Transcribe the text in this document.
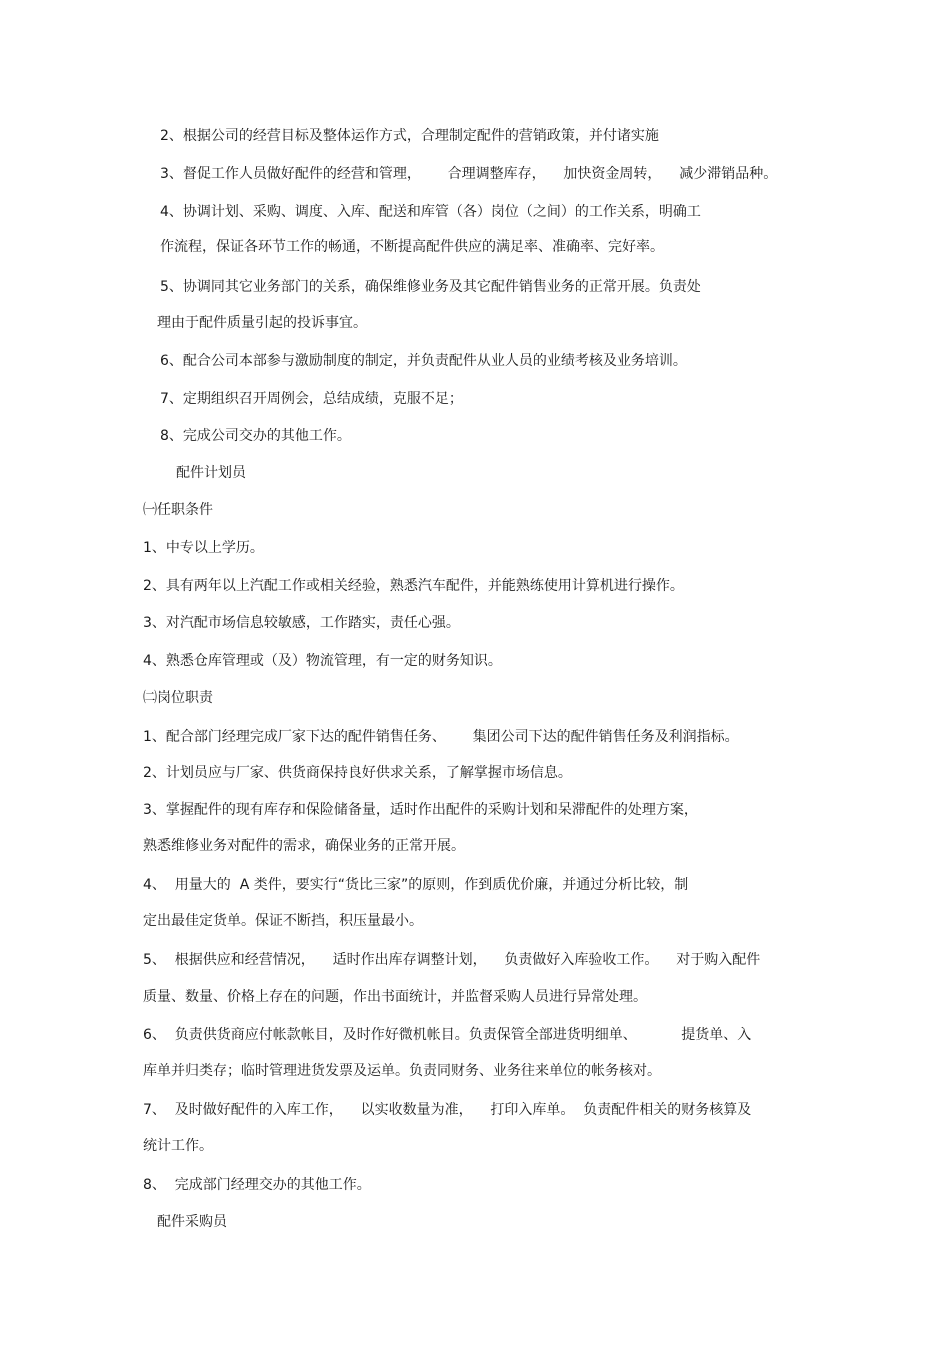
2、根据公司的经营目标及整体运作方式，合理制定配件的营销政策，并付诸实施

3、督促工作人员做好配件的经营和管理，      合理调整库存，    加快资金周转，    减少滞销品种。

4、协调计划、采购、调度、入库、配送和库管（各）岗位（之间）的工作关系，明确工

作流程，保证各环节工作的畅通，不断提高配件供应的满足率、准确率、完好率。

5、协调同其它业务部门的关系，确保维修业务及其它配件销售业务的正常开展。负责处

理由于配件质量引起的投诉事宜。

6、配合公司本部参与激励制度的制定，并负责配件从业人员的业绩考核及业务培训。

7、定期组织召开周例会，总结成绩，克服不足；

8、完成公司交办的其他工作。

配件计划员

㈠任职条件

1、中专以上学历。

2、具有两年以上汽配工作或相关经验，熟悉汽车配件，并能熟练使用计算机进行操作。

3、对汽配市场信息较敏感，工作踏实，责任心强。

4、熟悉仓库管理或（及）物流管理，有一定的财务知识。

㈡岗位职责

1、配合部门经理完成厂家下达的配件销售任务、      集团公司下达的配件销售任务及利润指标。

2、计划员应与厂家、供货商保持良好供求关系，了解掌握市场信息。

3、掌握配件的现有库存和保险储备量，适时作出配件的采购计划和呆滞配件的处理方案，

熟悉维修业务对配件的需求，确保业务的正常开展。

4、  用量大的  A 类件，要实行“货比三家”的原则，作到质优价廉，并通过分析比较，制

定出最佳定货单。保证不断挡，积压量最小。

5、  根据供应和经营情况，    适时作出库存调整计划，    负责做好入库验收工作。    对于购入配件

质量、数量、价格上存在的问题，作出书面统计，并监督采购人员进行异常处理。

6、  负责供货商应付帐款帐目，及时作好微机帐目。负责保管全部进货明细单、          提货单、入

库单并归类存；临时管理进货发票及运单。负责同财务、业务往来单位的帐务核对。

7、  及时做好配件的入库工作，    以实收数量为准，    打印入库单。  负责配件相关的财务核算及

统计工作。

8、  完成部门经理交办的其他工作。

配件采购员
